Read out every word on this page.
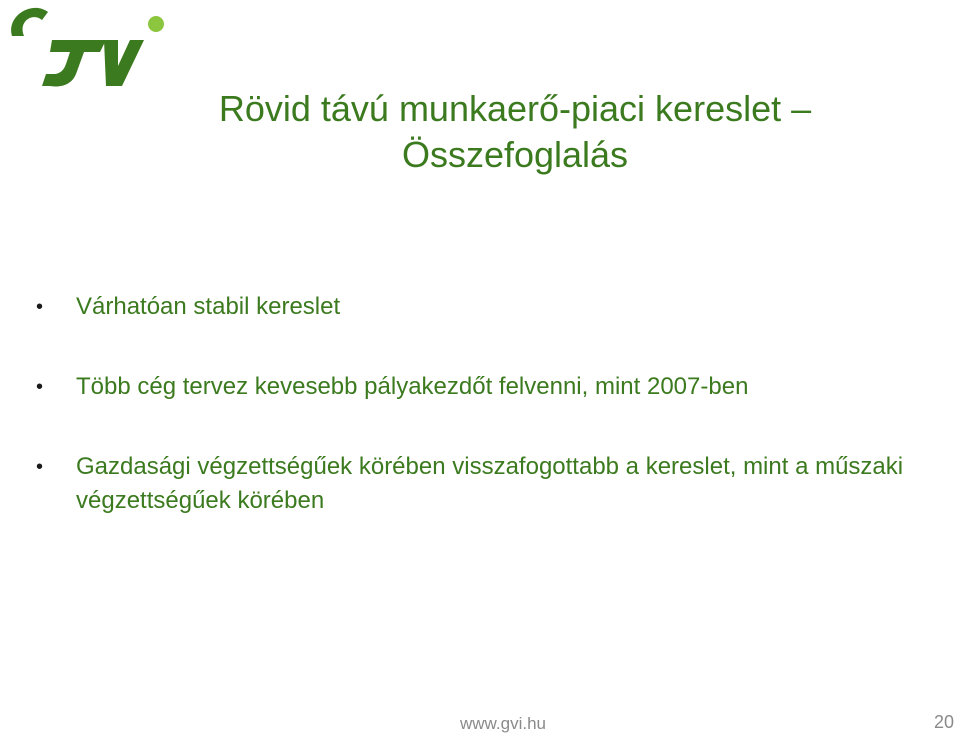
Rövid távú munkaerő-piaci kereslet –
Összefoglalás
• Várhatóan stabil kereslet
• Több cég tervez kevesebb pályakezdőt felvenni, mint 2007-ben
• Gazdasági végzettségűek körében visszafogottabb a kereslet, mint a műszaki végzettségűek körében
www.gvi.hu	20
